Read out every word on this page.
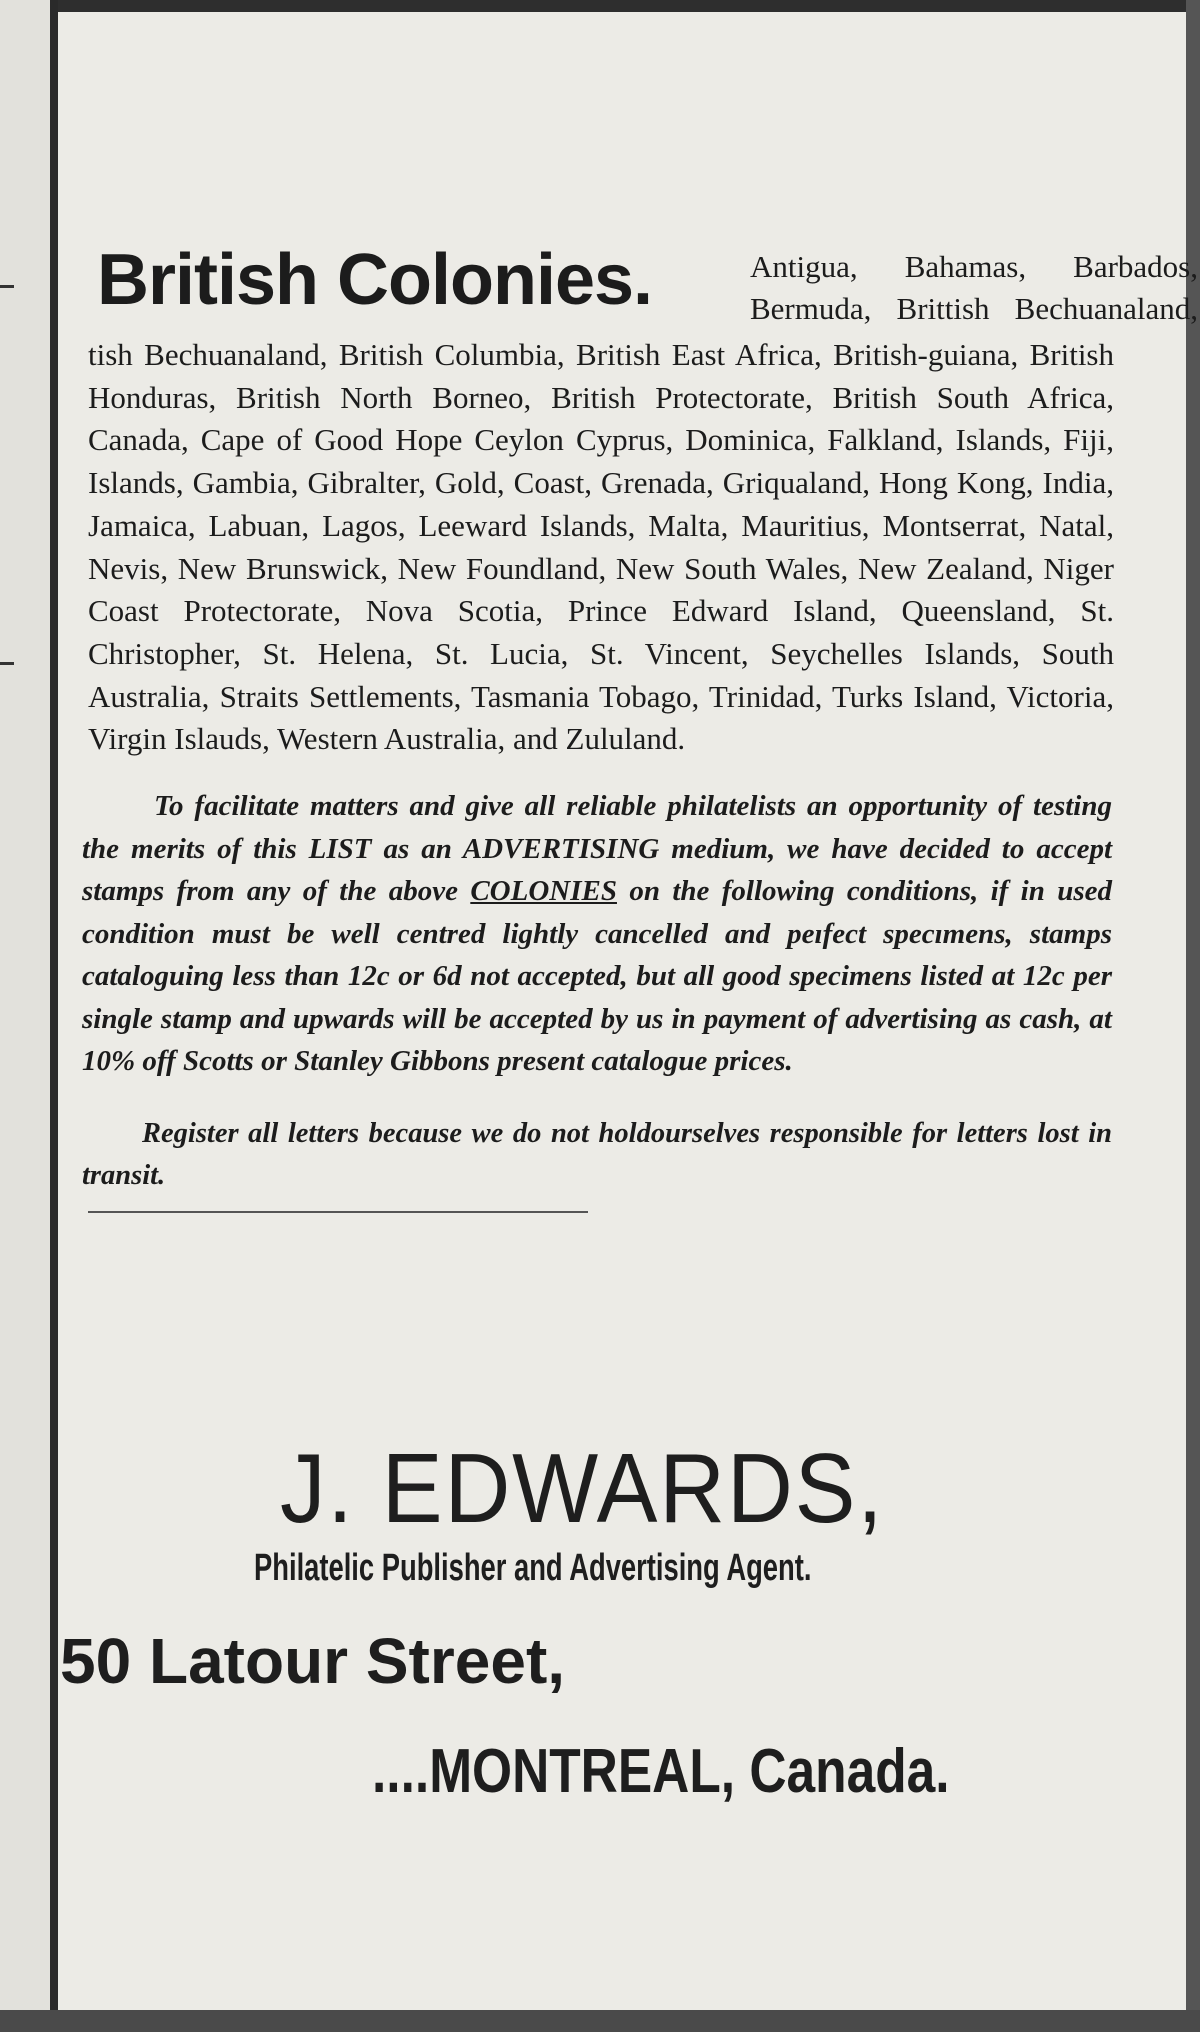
British Colonies.	Antigua, Bahamas, Barbados, Bermuda, Brittish Bechuanaland,

tish Bechuanaland, British Columbia, British East Africa, British-guiana, British Honduras, British North Borneo, British Protectorate, British South Africa, Canada, Cape of Good Hope Ceylon Cyprus, Dominica, Falkland, Islands, Fiji, Islands, Gambia, Gibralter, Gold, Coast, Grenada, Griqualand, Hong Kong, India, Jamaica, Labuan, Lagos, Leeward Islands, Malta, Mauritius, Montserrat, Natal, Nevis, New Brunswick, New Foundland, New South Wales, New Zealand, Niger Coast Protectorate, Nova Scotia, Prince Edward Island, Queensland, St. Christopher, St. Helena, St. Lucia, St. Vincent, Seychelles Islands, South Australia, Straits Settlements, Tasmania Tobago, Trinidad, Turks Island, Victoria, Virgin Islauds, Western Australia, and Zululand.

To facilitate matters and give all reliable philatelists an opportunity of testing the merits of this LIST as an ADVERTISING medium, we have decided to accept stamps from any of the above COLONIES on the following conditions, if in used condition must be well centred lightly cancelled and peıfect specımens, stamps cataloguing less than 12c or 6d not accepted, but all good specimens listed at 12c per single stamp and upwards will be accepted by us in payment of advertising as cash, at 10% off Scotts or Stanley Gibbons present catalogue prices.

Register all letters because we do not holdourselves responsible for letters lost in transit.

J. EDWARDS,
Philatelic Publisher and Advertising Agent.
50 Latour Street,
....MONTREAL, Canada.
